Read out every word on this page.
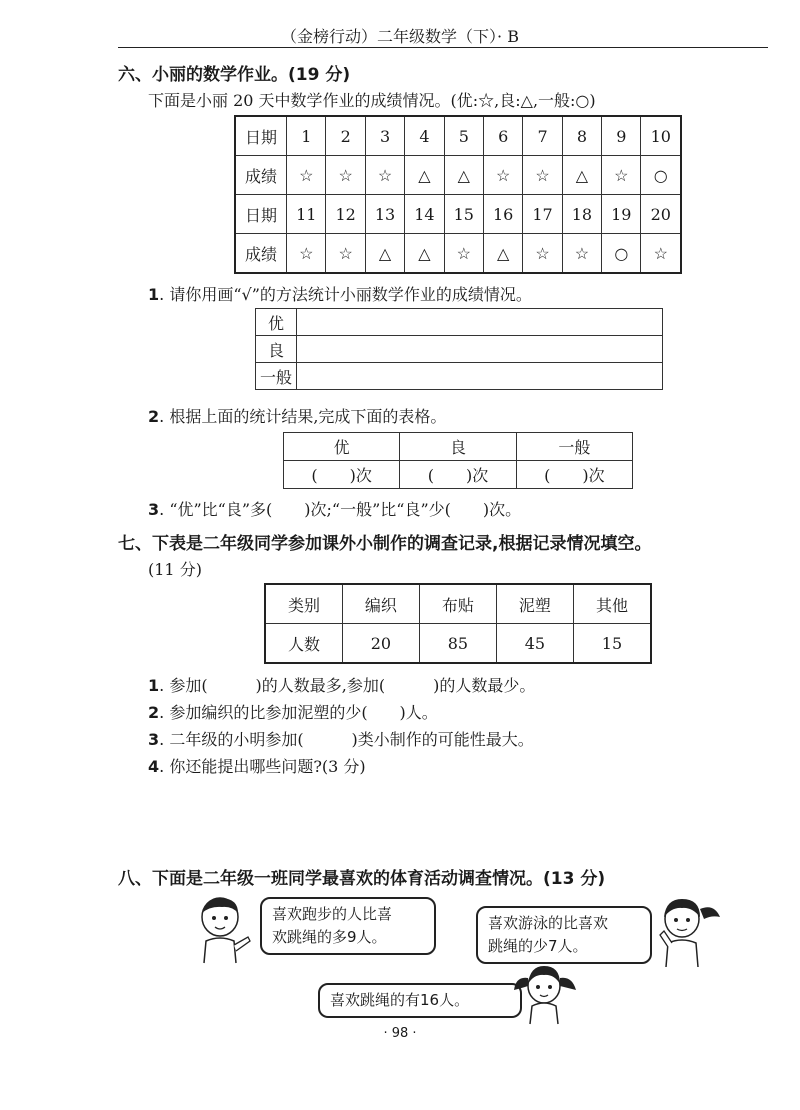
（金榜行动）二年级数学（下）· B
六、小丽的数学作业。(19 分)
下面是小丽 20 天中数学作业的成绩情况。(优:☆,良:△,一般:○)
日期	1	2	3	4	5	6	7	8	9	10
成绩	☆	☆	☆	△	△	☆	☆	△	☆	○
日期	11	12	13	14	15	16	17	18	19	20
成绩	☆	☆	△	△	☆	△	☆	☆	○	☆
1. 请你用画“√”的方法统计小丽数学作业的成绩情况。
优	
良	
一般	
2. 根据上面的统计结果,完成下面的表格。
优	良	一般
(　　)次	(　　)次	(　　)次
3. “优”比“良”多(　　)次;“一般”比“良”少(　　)次。
七、下表是二年级同学参加课外小制作的调查记录,根据记录情况填空。
(11 分)
类别	编织	布贴	泥塑	其他
人数	20	85	45	15
1. 参加(　　　)的人数最多,参加(　　　)的人数最少。
2. 参加编织的比参加泥塑的少(　　)人。
3. 二年级的小明参加(　　　)类小制作的可能性最大。
4. 你还能提出哪些问题?(3 分)
八、下面是二年级一班同学最喜欢的体育活动调查情况。(13 分)
喜欢跑步的人比喜
欢跳绳的多9人。
喜欢游泳的比喜欢
跳绳的少7人。
喜欢跳绳的有16人。
· 98 ·
